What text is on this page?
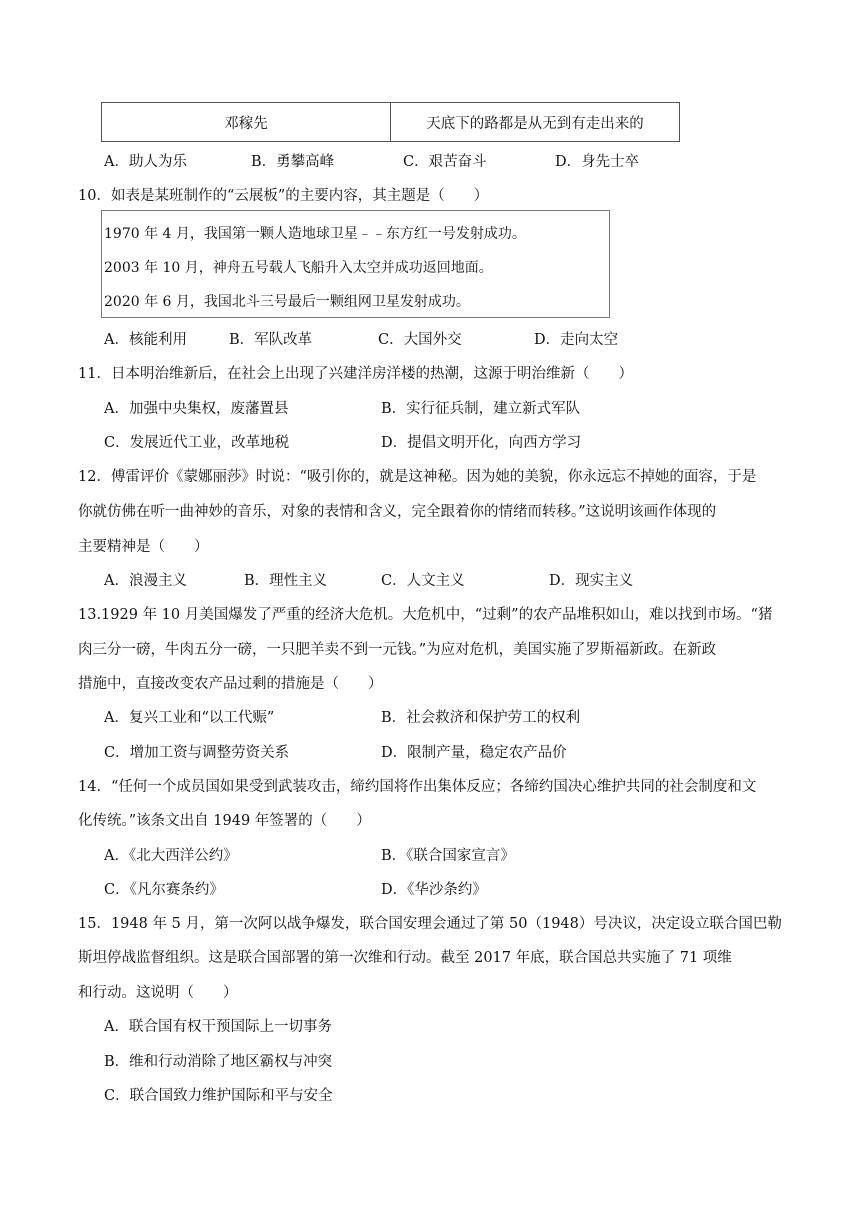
邓稼先	天底下的路都是从无到有走出来的
A．助人为乐	B．勇攀高峰	C．艰苦奋斗	D．身先士卒
10．如表是某班制作的“云展板”的主要内容，其主题是（　　）
1970 年 4 月，我国第一颗人造地球卫星﹣﹣东方红一号发射成功。
2003 年 10 月，神舟五号载人飞船升入太空并成功返回地面。
2020 年 6 月，我国北斗三号最后一颗组网卫星发射成功。
A．核能利用	B．军队改革	C．大国外交	D．走向太空
11．日本明治维新后，在社会上出现了兴建洋房洋楼的热潮，这源于明治维新（　　）
A．加强中央集权，废藩置县	B．实行征兵制，建立新式军队
C．发展近代工业，改革地税	D．提倡文明开化，向西方学习
12．傅雷评价《蒙娜丽莎》时说：“吸引你的，就是这神秘。因为她的美貌，你永远忘不掉她的面容，于是
你就仿佛在听一曲神妙的音乐，对象的表情和含义，完全跟着你的情绪而转移。”这说明该画作体现的
主要精神是（　　）
A．浪漫主义	B．理性主义	C．人文主义	D．现实主义
13.1929 年 10 月美国爆发了严重的经济大危机。大危机中，“过剩”的农产品堆积如山，难以找到市场。“猪
肉三分一磅，牛肉五分一磅，一只肥羊卖不到一元钱。”为应对危机，美国实施了罗斯福新政。在新政
措施中，直接改变农产品过剩的措施是（　　）
A．复兴工业和“以工代赈”	B．社会救济和保护劳工的权利
C．增加工资与调整劳资关系	D．限制产量，稳定农产品价
14．“任何一个成员国如果受到武装攻击，缔约国将作出集体反应；各缔约国决心维护共同的社会制度和文
化传统。”该条文出自 1949 年签署的（　　）
A．《北大西洋公约》	B．《联合国家宣言》
C．《凡尔赛条约》	D．《华沙条约》
15．1948 年 5 月，第一次阿以战争爆发，联合国安理会通过了第 50（1948）号决议，决定设立联合国巴勒
斯坦停战监督组织。这是联合国部署的第一次维和行动。截至 2017 年底，联合国总共实施了 71 项维
和行动。这说明（　　）
A．联合国有权干预国际上一切事务
B．维和行动消除了地区霸权与冲突
C．联合国致力维护国际和平与安全
